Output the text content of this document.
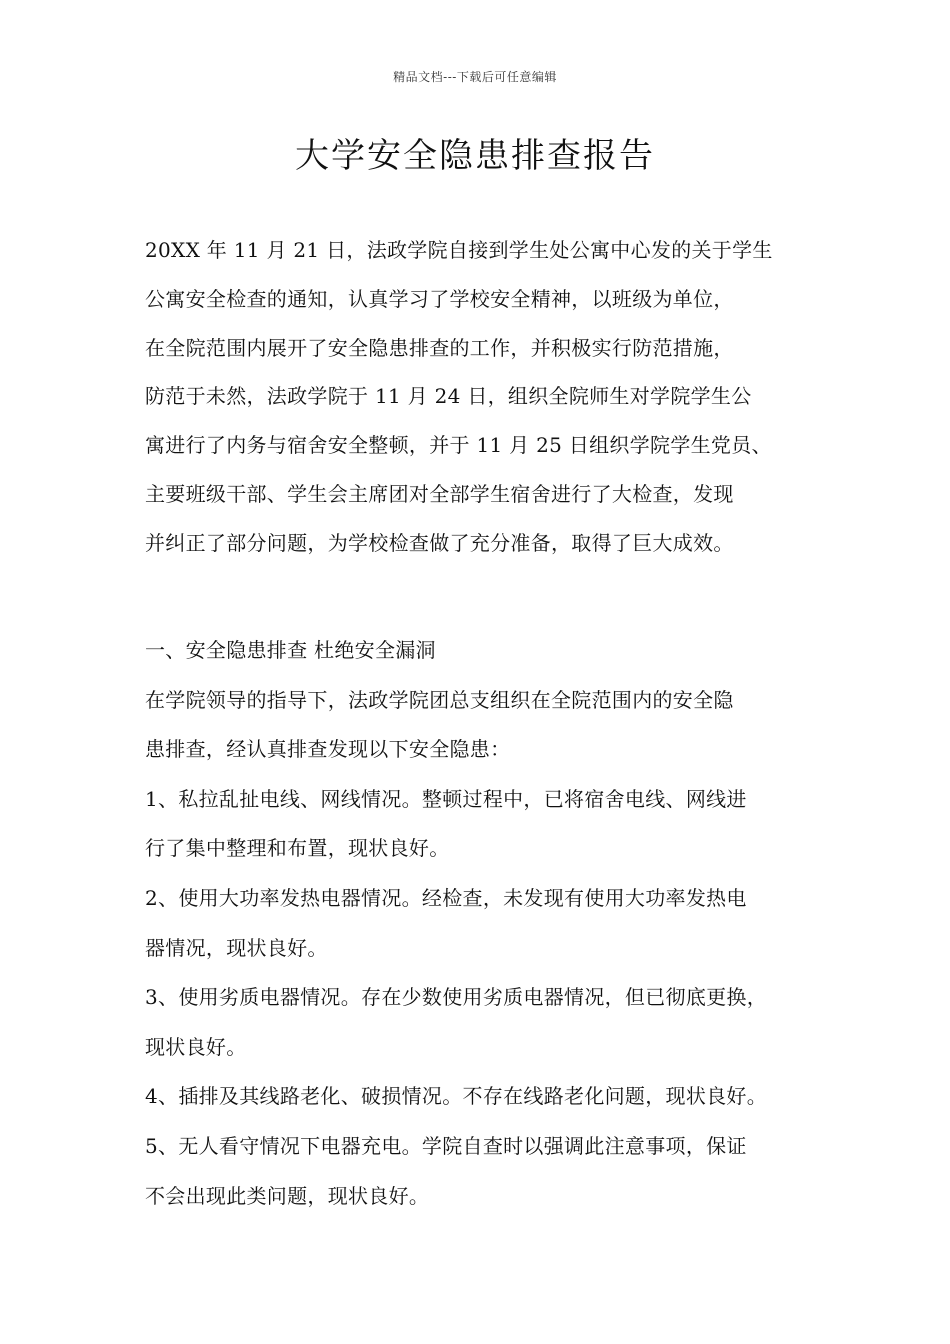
精品文档---下载后可任意编辑
大学安全隐患排查报告
20XX 年 11 月 21 日，法政学院自接到学生处公寓中心发的关于学生
公寓安全检查的通知，认真学习了学校安全精神，以班级为单位，
在全院范围内展开了安全隐患排查的工作，并积极实行防范措施，
防范于未然，法政学院于 11 月 24 日，组织全院师生对学院学生公
寓进行了内务与宿舍安全整顿，并于 11 月 25 日组织学院学生党员、
主要班级干部、学生会主席团对全部学生宿舍进行了大检查，发现
并纠正了部分问题，为学校检查做了充分准备，取得了巨大成效。
一、安全隐患排查 杜绝安全漏洞
在学院领导的指导下，法政学院团总支组织在全院范围内的安全隐
患排查，经认真排查发现以下安全隐患：
1、私拉乱扯电线、网线情况。整顿过程中，已将宿舍电线、网线进
行了集中整理和布置，现状良好。
2、使用大功率发热电器情况。经检查，未发现有使用大功率发热电
器情况，现状良好。
3、使用劣质电器情况。存在少数使用劣质电器情况，但已彻底更换，
现状良好。
4、插排及其线路老化、破损情况。不存在线路老化问题，现状良好。
5、无人看守情况下电器充电。学院自查时以强调此注意事项，保证
不会出现此类问题，现状良好。
